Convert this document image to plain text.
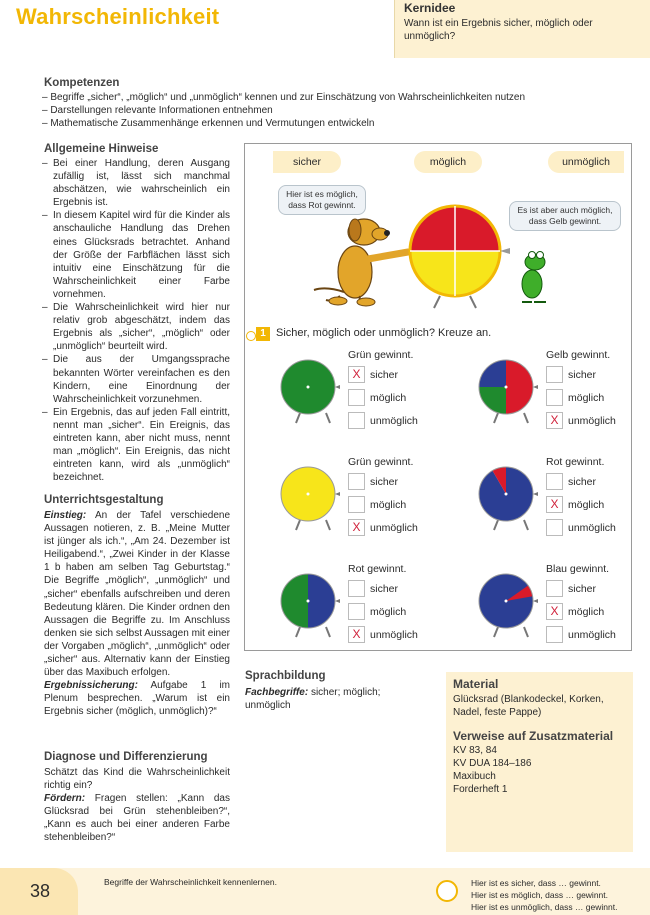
Wahrscheinlichkeit	Kernidee
Wann ist ein Ergebnis sicher, möglich oder unmöglich?
Kompetenzen
– Begriffe „sicher“, „möglich“ und „unmöglich“ kennen und zur Einschätzung von Wahrscheinlichkeiten nutzen
– Darstellungen relevante Informationen entnehmen
– Mathematische Zusammenhänge erkennen und Vermutungen entwickeln
Allgemeine Hinweise
– Bei einer Handlung, deren Ausgang zufällig ist, lässt sich manchmal abschätzen, wie wahrscheinlich ein Ergebnis ist.
– In diesem Kapitel wird für die Kinder als anschauliche Handlung das Drehen eines Glücksrads betrachtet. Anhand der Größe der Farbflächen lässt sich intuitiv eine Einschätzung für die Wahrscheinlichkeit einer Farbe vornehmen.
– Die Wahrscheinlichkeit wird hier nur relativ grob abgeschätzt, indem das Ergebnis als „sicher“, „möglich“ oder „unmöglich“ beurteilt wird.
– Die aus der Umgangssprache bekannten Wörter vereinfachen es den Kindern, eine Einordnung der Wahrscheinlichkeit vorzunehmen.
– Ein Ergebnis, das auf jeden Fall eintritt, nennt man „sicher“. Ein Ereignis, das eintreten kann, aber nicht muss, nennt man „möglich“. Ein Ereignis, das nicht eintreten kann, wird als „unmöglich“ bezeichnet.
Unterrichtsgestaltung

Einstieg: An der Tafel verschiedene Aussagen notieren, z. B. „Meine Mutter ist jünger als ich.“, „Am 24. Dezember ist Heiligabend.“, „Zwei Kinder in der Klasse 1 b haben am selben Tag Geburtstag.“ Die Begriffe „möglich“, „unmöglich“ und „sicher“ ebenfalls aufschreiben und deren Bedeutung klären. Die Kinder ordnen den Aussagen die Begriffe zu. Im Anschluss denken sie sich selbst Aussagen mit einer der Vorgaben „möglich“, „unmöglich“ oder „sicher“ aus. Alternativ kann der Einstieg über das Maxibuch erfolgen.

Ergebnissicherung: Aufgabe 1 im Plenum besprechen. „Warum ist ein Ergebnis sicher (möglich, unmöglich)?“

Diagnose und Differenzierung

Schätzt das Kind die Wahrscheinlichkeit richtig ein?

Fördern: Fragen stellen: „Kann das Glücksrad bei Grün stehenbleiben?“, „Kann es auch bei einer anderen Farbe stehenbleiben?“

sicher	möglich	unmöglich
Hier ist es möglich, dass Rot gewinnt.	Es ist aber auch möglich, dass Gelb gewinnt.
1 Sicher, möglich oder unmöglich? Kreuze an.
Grün gewinnt.
X sicher
möglich
unmöglich
Gelb gewinnt.
sicher
möglich
X unmöglich
Grün gewinnt.
sicher
möglich
X unmöglich
Rot gewinnt.
sicher
X möglich
unmöglich
Rot gewinnt.
sicher
möglich
X unmöglich
Blau gewinnt.
sicher
X möglich
unmöglich
Sprachbildung
Fachbegriffe: sicher; möglich; unmöglich
Material
Glücksrad (Blankodeckel, Korken, Nadel, feste Pappe)
Verweise auf Zusatzmaterial
KV 83, 84
KV DUA 184–186
Maxibuch
Forderheft 1
38	Begriffe der Wahrscheinlichkeit kennenlernen.	Hier ist es sicher, dass … gewinnt.
Hier ist es möglich, dass … gewinnt.
Hier ist es unmöglich, dass … gewinnt.
